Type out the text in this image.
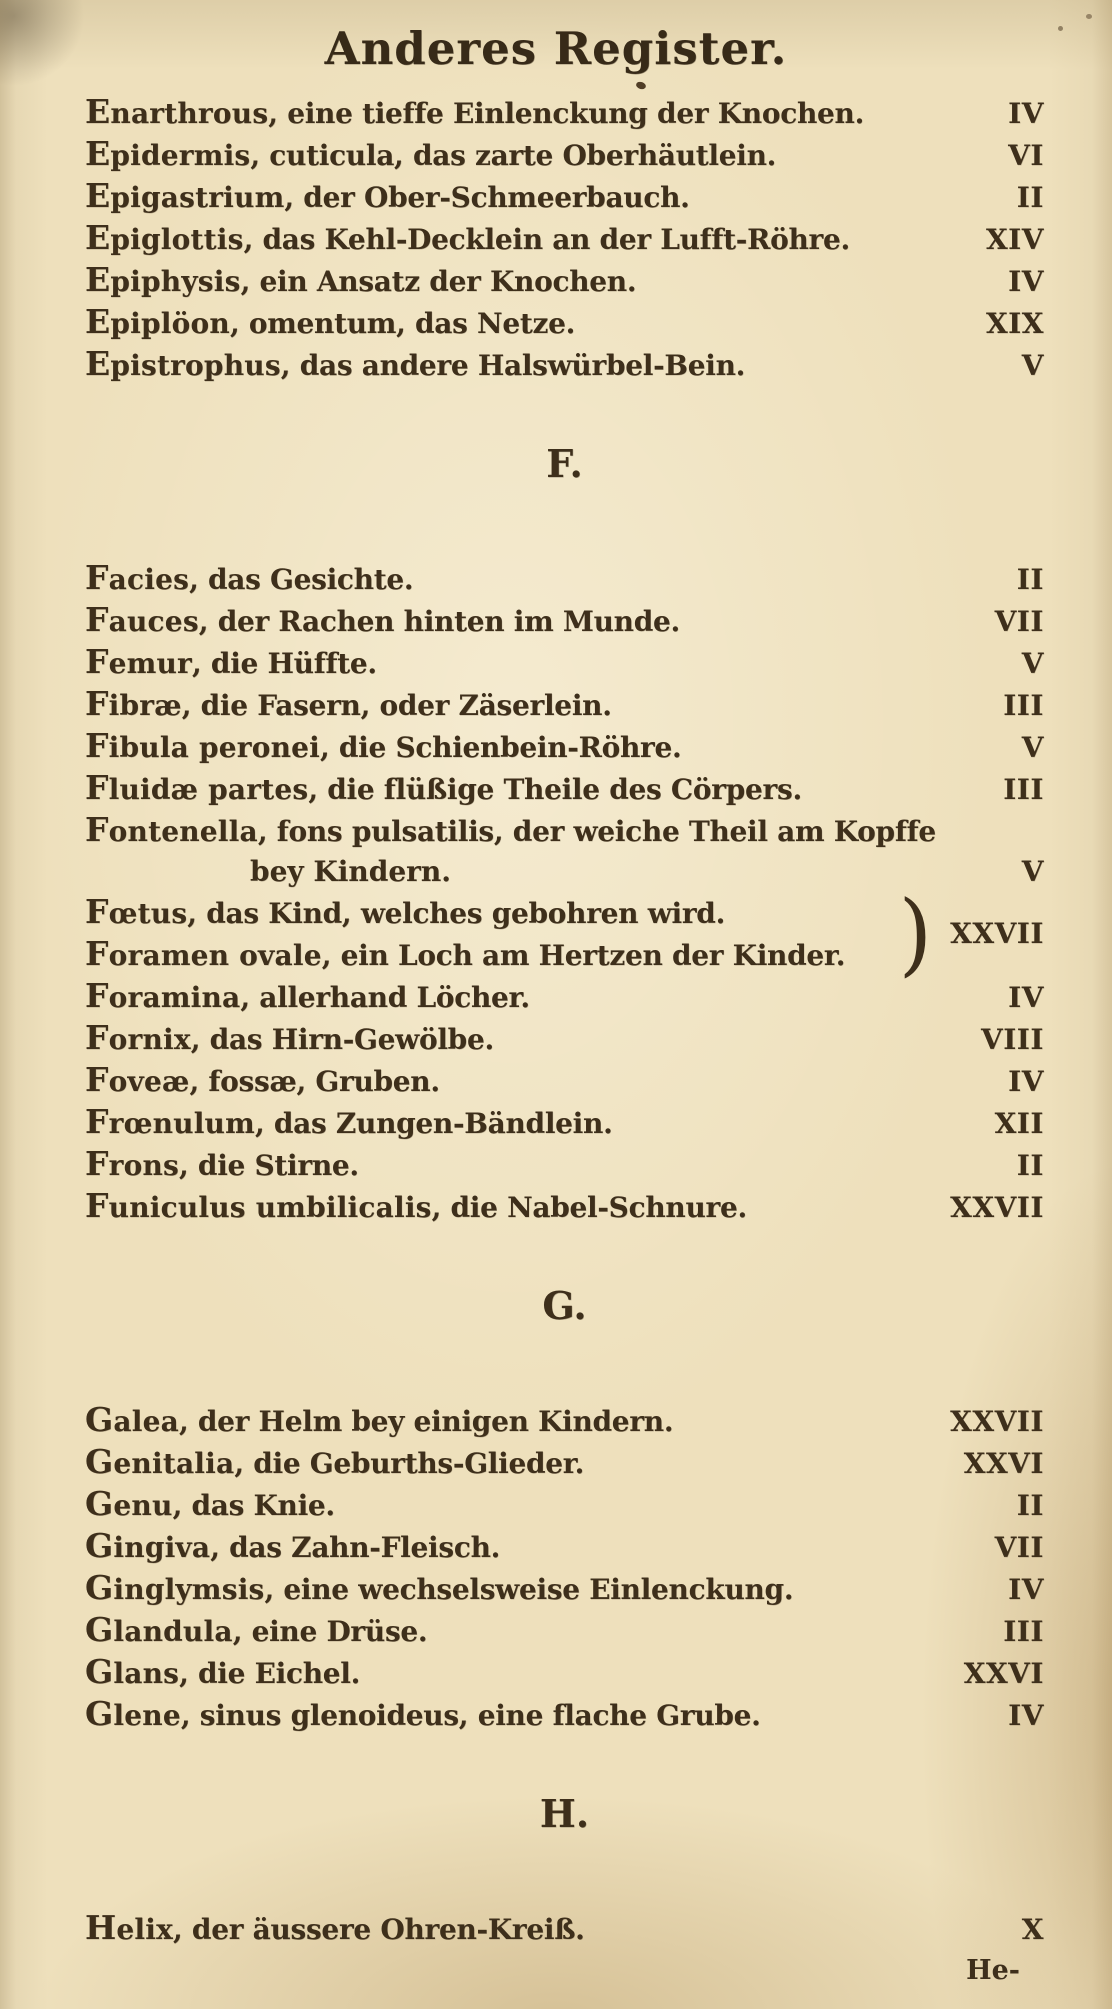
Anderes Register.
Enarthrous, eine tieffe Einlenckung der Knochen.	IV
Epidermis, cuticula, das zarte Oberhäutlein.	VI
Epigastrium, der Ober-Schmeerbauch.	II
Epiglottis, das Kehl-Decklein an der Lufft-Röhre.	XIV
Epiphysis, ein Ansatz der Knochen.	IV
Epiplöon, omentum, das Netze.	XIX
Epistrophus, das andere Halswürbel-Bein.	V
F.
Facies, das Gesichte.	II
Fauces, der Rachen hinten im Munde.	VII
Femur, die Hüffte.	V
Fibræ, die Fasern, oder Zäserlein.	III
Fibula peronei, die Schienbein-Röhre.	V
Fluidæ partes, die flüßige Theile des Cörpers.	III
Fontenella, fons pulsatilis, der weiche Theil am Kopffe
bey Kindern.	V
Fœtus, das Kind, welches gebohren wird.
Foramen ovale, ein Loch am Hertzen der Kinder. ) XXVII
Foramina, allerhand Löcher.	IV
Fornix, das Hirn-Gewölbe.	VIII
Foveæ, fossæ, Gruben.	IV
Frœnulum, das Zungen-Bändlein.	XII
Frons, die Stirne.	II
Funiculus umbilicalis, die Nabel-Schnure.	XXVII
G.
Galea, der Helm bey einigen Kindern.	XXVII
Genitalia, die Geburths-Glieder.	XXVI
Genu, das Knie.	II
Gingiva, das Zahn-Fleisch.	VII
Ginglymsis, eine wechselsweise Einlenckung.	IV
Glandula, eine Drüse.	III
Glans, die Eichel.	XXVI
Glene, sinus glenoideus, eine flache Grube.	IV
H.
Helix, der äussere Ohren-Kreiß.	X
He-
